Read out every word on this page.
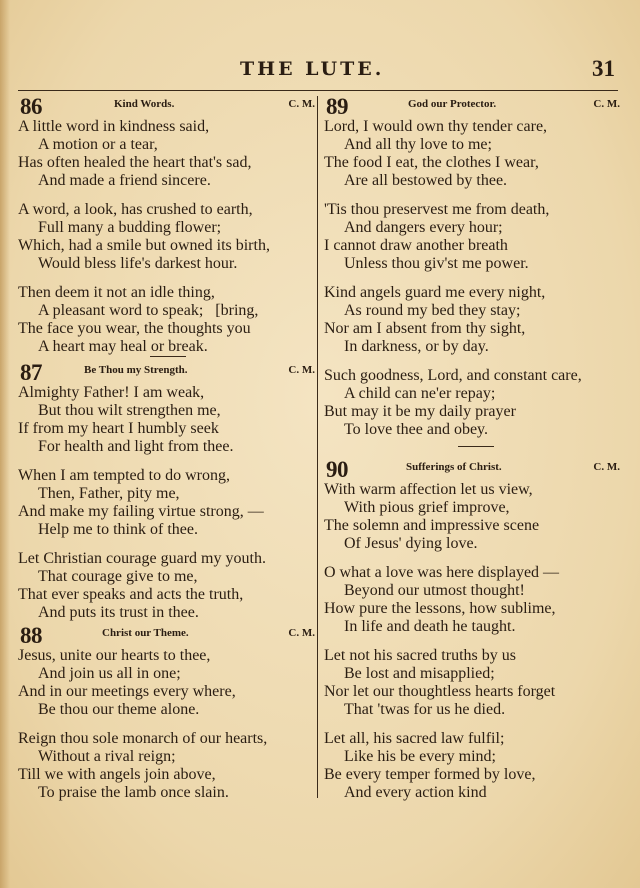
THE LUTE.	31
86	Kind Words.	C. M.
A little word in kindness said,
A motion or a tear,
Has often healed the heart that's sad,
And made a friend sincere.
A word, a look, has crushed to earth,
Full many a budding flower;
Which, had a smile but owned its birth,
Would bless life's darkest hour.
Then deem it not an idle thing,
A pleasant word to speak;   [bring,
The face you wear, the thoughts you
A heart may heal or break.
87	Be Thou my Strength.	C. M.
Almighty Father! I am weak,
But thou wilt strengthen me,
If from my heart I humbly seek
For health and light from thee.
When I am tempted to do wrong,
Then, Father, pity me,
And make my failing virtue strong, —
Help me to think of thee.
Let Christian courage guard my youth.
That courage give to me,
That ever speaks and acts the truth,
And puts its trust in thee.
88	Christ our Theme.	C. M.
Jesus, unite our hearts to thee,
And join us all in one;
And in our meetings every where,
Be thou our theme alone.
Reign thou sole monarch of our hearts,
Without a rival reign;
Till we with angels join above,
To praise the lamb once slain.
89	God our Protector.	C. M.
Lord, I would own thy tender care,
And all thy love to me;
The food I eat, the clothes I wear,
Are all bestowed by thee.
'Tis thou preservest me from death,
And dangers every hour;
I cannot draw another breath
Unless thou giv'st me power.
Kind angels guard me every night,
As round my bed they stay;
Nor am I absent from thy sight,
In darkness, or by day.
Such goodness, Lord, and constant care,
A child can ne'er repay;
But may it be my daily prayer
To love thee and obey.
90	Sufferings of Christ.	C. M.
With warm affection let us view,
With pious grief improve,
The solemn and impressive scene
Of Jesus' dying love.
O what a love was here displayed —
Beyond our utmost thought!
How pure the lessons, how sublime,
In life and death he taught.
Let not his sacred truths by us
Be lost and misapplied;
Nor let our thoughtless hearts forget
That 'twas for us he died.
Let all, his sacred law fulfil;
Like his be every mind;
Be every temper formed by love,
And every action kind
